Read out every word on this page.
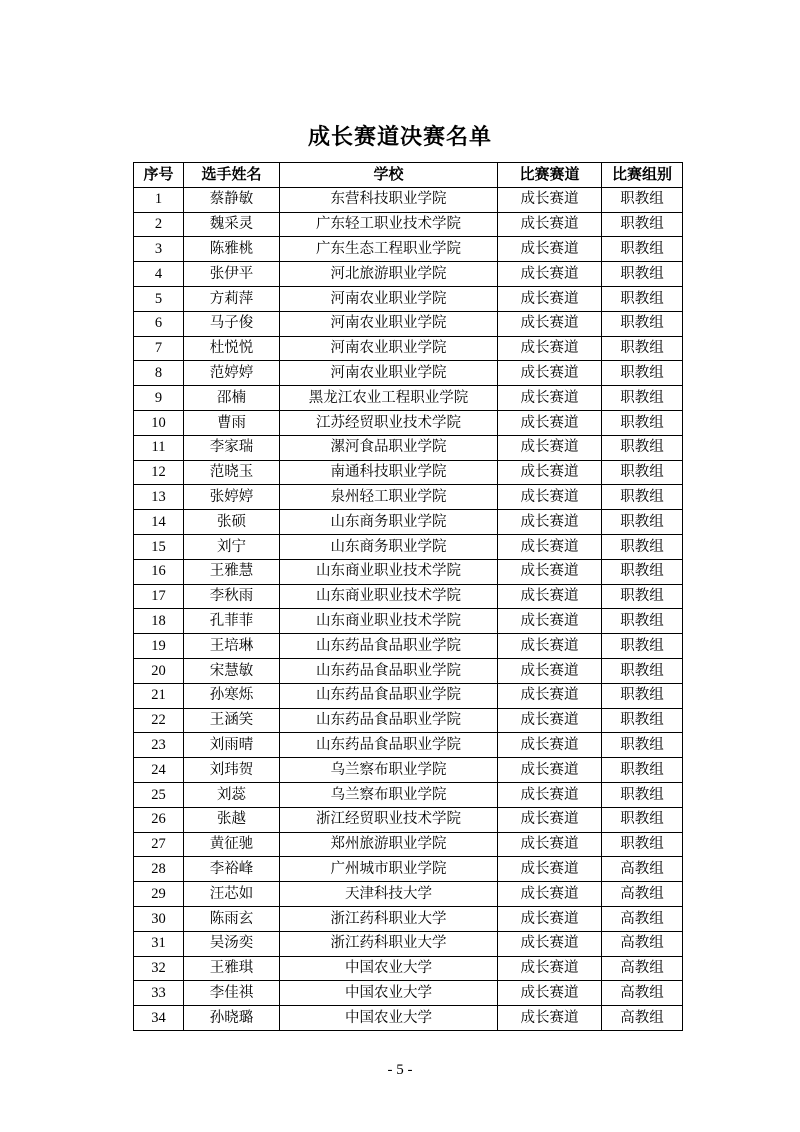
成长赛道决赛名单
序号	选手姓名	学校	比赛赛道	比赛组别
1	蔡静敏	东营科技职业学院	成长赛道	职教组
2	魏采灵	广东轻工职业技术学院	成长赛道	职教组
3	陈雅桃	广东生态工程职业学院	成长赛道	职教组
4	张伊平	河北旅游职业学院	成长赛道	职教组
5	方莉萍	河南农业职业学院	成长赛道	职教组
6	马子俊	河南农业职业学院	成长赛道	职教组
7	杜悦悦	河南农业职业学院	成长赛道	职教组
8	范婷婷	河南农业职业学院	成长赛道	职教组
9	邵楠	黑龙江农业工程职业学院	成长赛道	职教组
10	曹雨	江苏经贸职业技术学院	成长赛道	职教组
11	李家瑞	漯河食品职业学院	成长赛道	职教组
12	范晓玉	南通科技职业学院	成长赛道	职教组
13	张婷婷	泉州轻工职业学院	成长赛道	职教组
14	张硕	山东商务职业学院	成长赛道	职教组
15	刘宁	山东商务职业学院	成长赛道	职教组
16	王雅慧	山东商业职业技术学院	成长赛道	职教组
17	李秋雨	山东商业职业技术学院	成长赛道	职教组
18	孔菲菲	山东商业职业技术学院	成长赛道	职教组
19	王培琳	山东药品食品职业学院	成长赛道	职教组
20	宋慧敏	山东药品食品职业学院	成长赛道	职教组
21	孙寒烁	山东药品食品职业学院	成长赛道	职教组
22	王涵笑	山东药品食品职业学院	成长赛道	职教组
23	刘雨晴	山东药品食品职业学院	成长赛道	职教组
24	刘玮贺	乌兰察布职业学院	成长赛道	职教组
25	刘蕊	乌兰察布职业学院	成长赛道	职教组
26	张越	浙江经贸职业技术学院	成长赛道	职教组
27	黄征驰	郑州旅游职业学院	成长赛道	职教组
28	李裕峰	广州城市职业学院	成长赛道	高教组
29	汪芯如	天津科技大学	成长赛道	高教组
30	陈雨玄	浙江药科职业大学	成长赛道	高教组
31	吴汤奕	浙江药科职业大学	成长赛道	高教组
32	王雅琪	中国农业大学	成长赛道	高教组
33	李佳祺	中国农业大学	成长赛道	高教组
34	孙晓璐	中国农业大学	成长赛道	高教组
- 5 -
